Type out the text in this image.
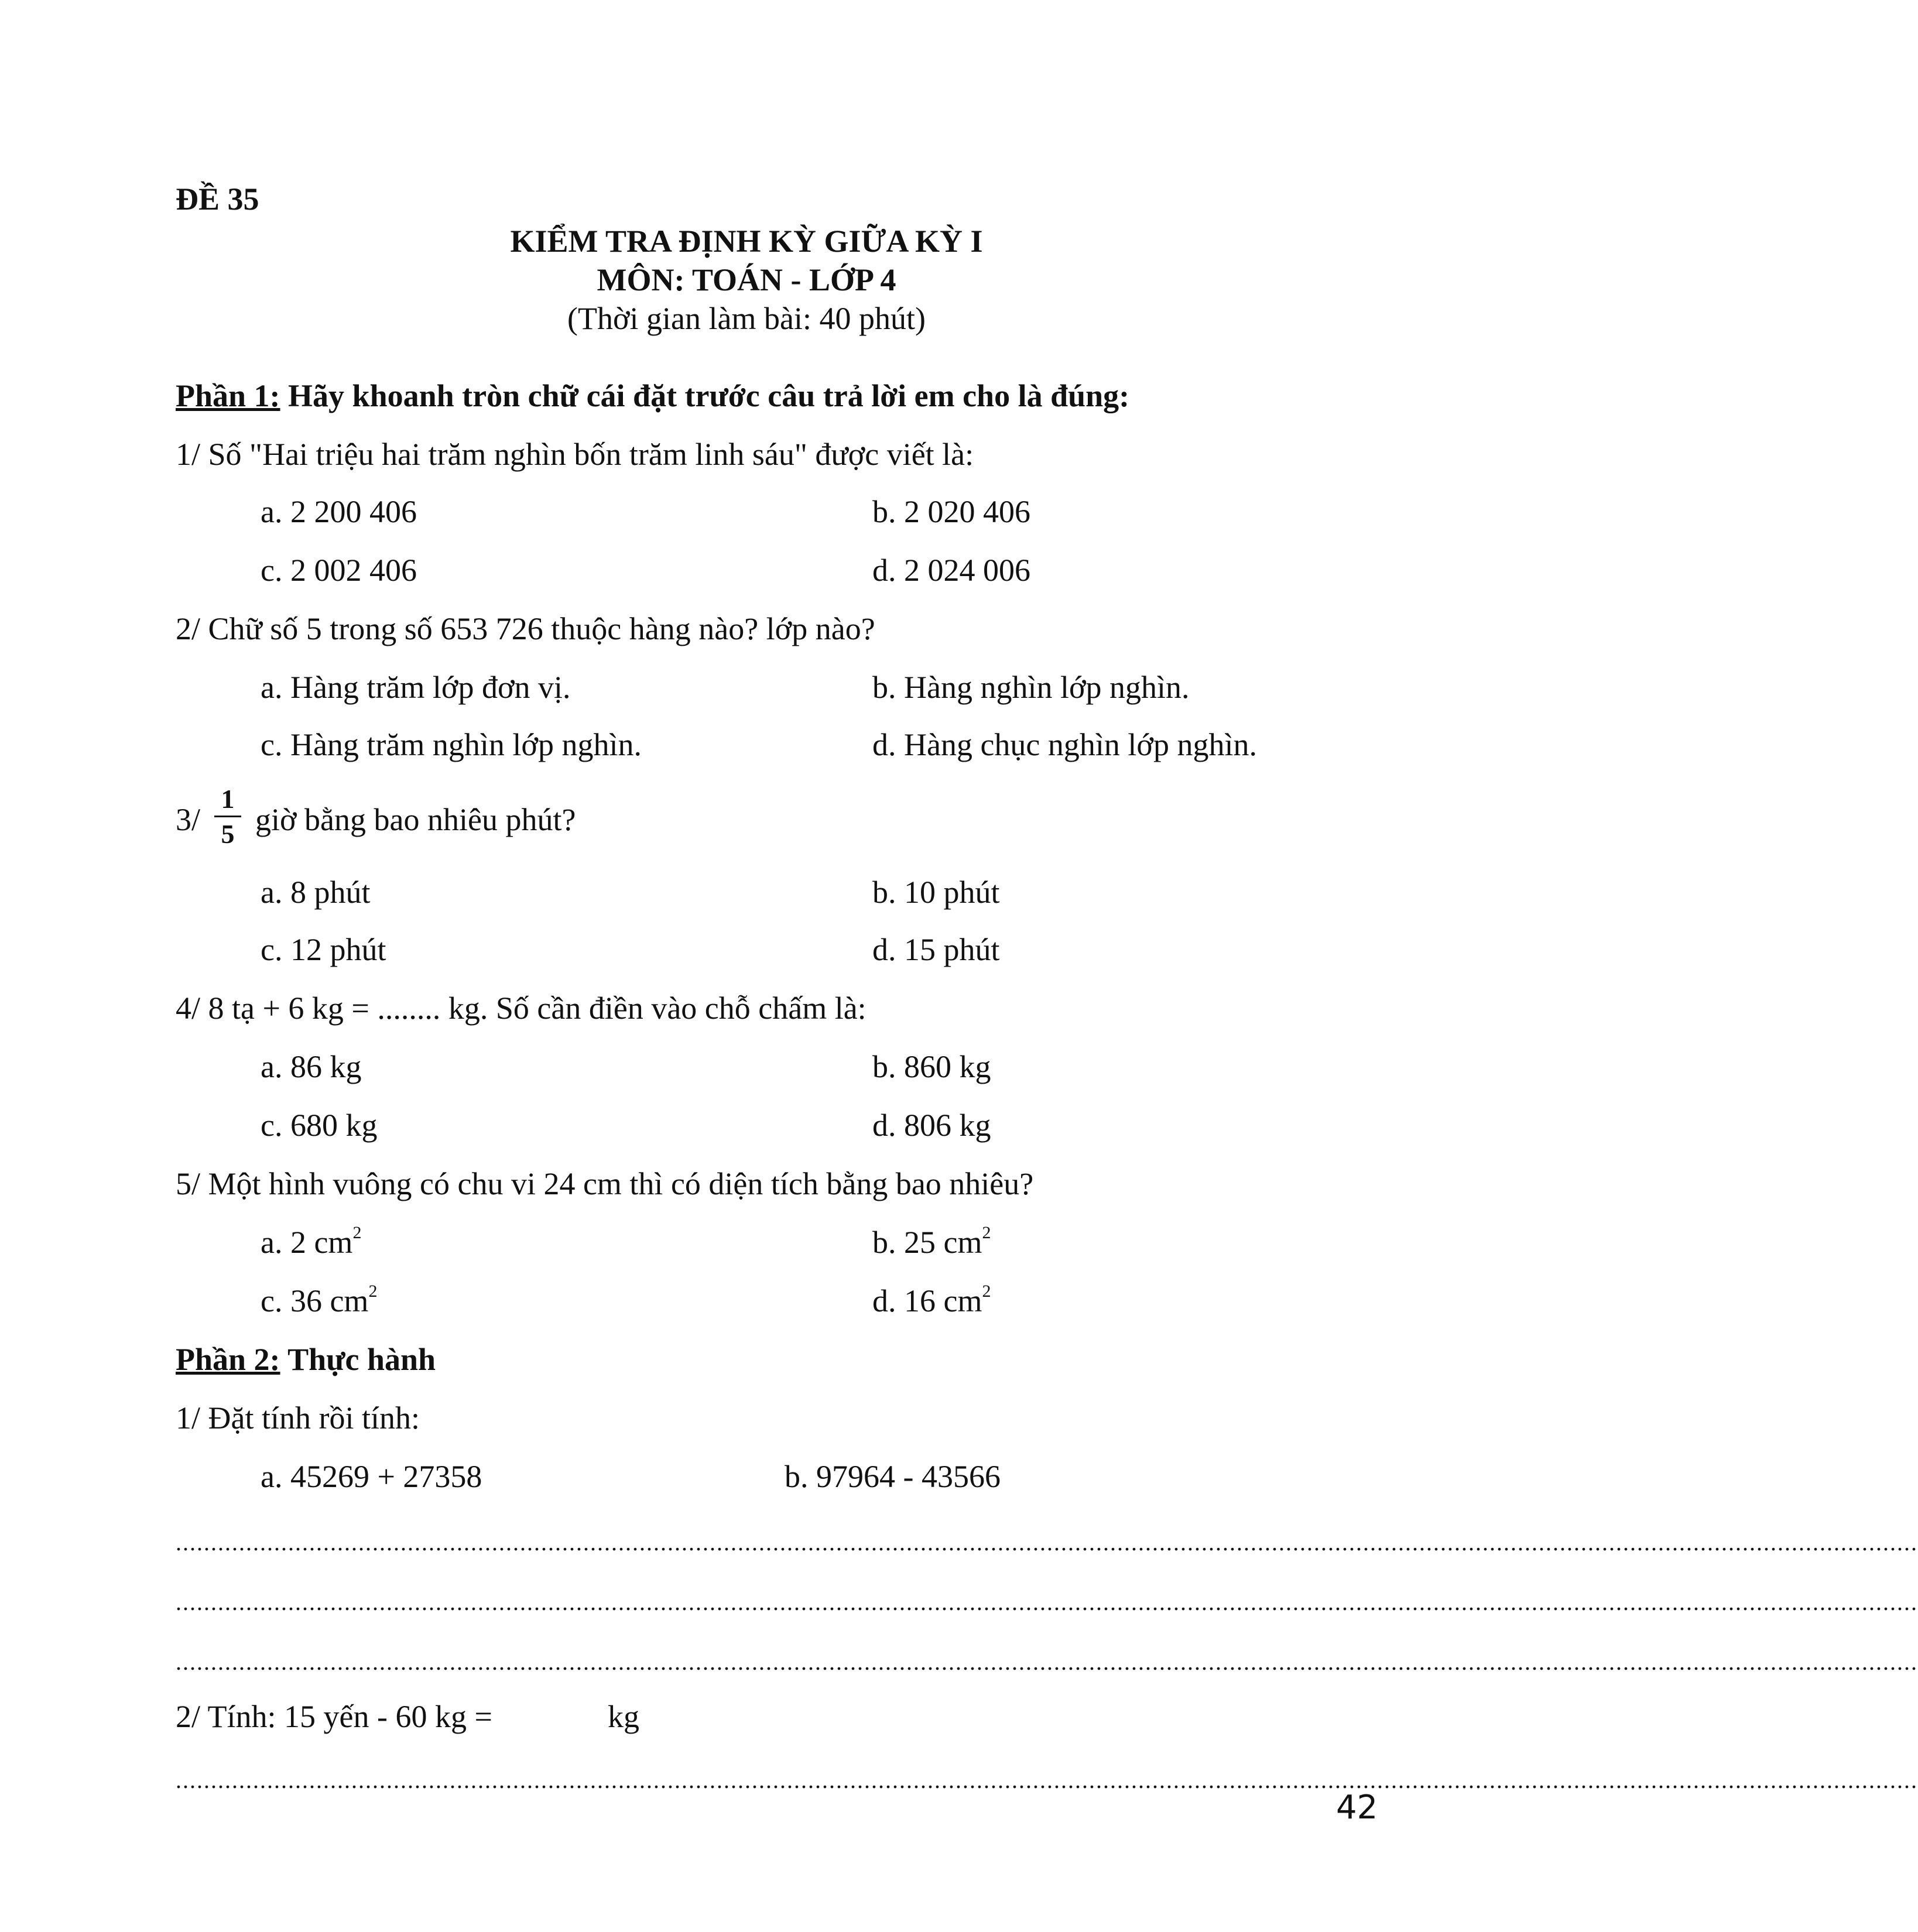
ĐỀ 35
KIỂM TRA ĐỊNH KỲ GIỮA KỲ I
MÔN: TOÁN - LỚP 4
(Thời gian làm bài: 40 phút)
Phần 1: Hãy khoanh tròn chữ cái đặt trước câu trả lời em cho là đúng:
1/ Số "Hai triệu hai trăm nghìn bốn trăm linh sáu" được viết là:
a. 2 200 406	b. 2 020 406
c. 2 002 406	d. 2 024 006
2/ Chữ số 5 trong số 653 726 thuộc hàng nào? lớp nào?
a. Hàng trăm lớp đơn vị.	b. Hàng nghìn lớp nghìn.
c. Hàng trăm nghìn lớp nghìn.	d. Hàng chục nghìn lớp nghìn.
3/
1
5 giờ bằng bao nhiêu phút?
a. 8 phút	b. 10 phút
c. 12 phút	d. 15 phút
4/ 8 tạ + 6 kg = ........ kg. Số cần điền vào chỗ chấm là:
a. 86 kg	b. 860 kg
c. 680 kg	d. 806 kg
5/ Một hình vuông có chu vi 24 cm thì có diện tích bằng bao nhiêu?
a. 2 $cm^2$	b. 25 $cm^2$
c. 36 $cm^2$	d. 16 $cm^2$
Phần 2: Thực hành
1/ Đặt tính rồi tính:
a. 45269 + 27358	b. 97964 - 43566
........................................................................................................................................................................................................................................................
........................................................................................................................................................................................................................................................
........................................................................................................................................................................................................................................................
2/ Tính: 15 yến - 60 kg =	kg
........................................................................................................................................................................................................................................................
42
